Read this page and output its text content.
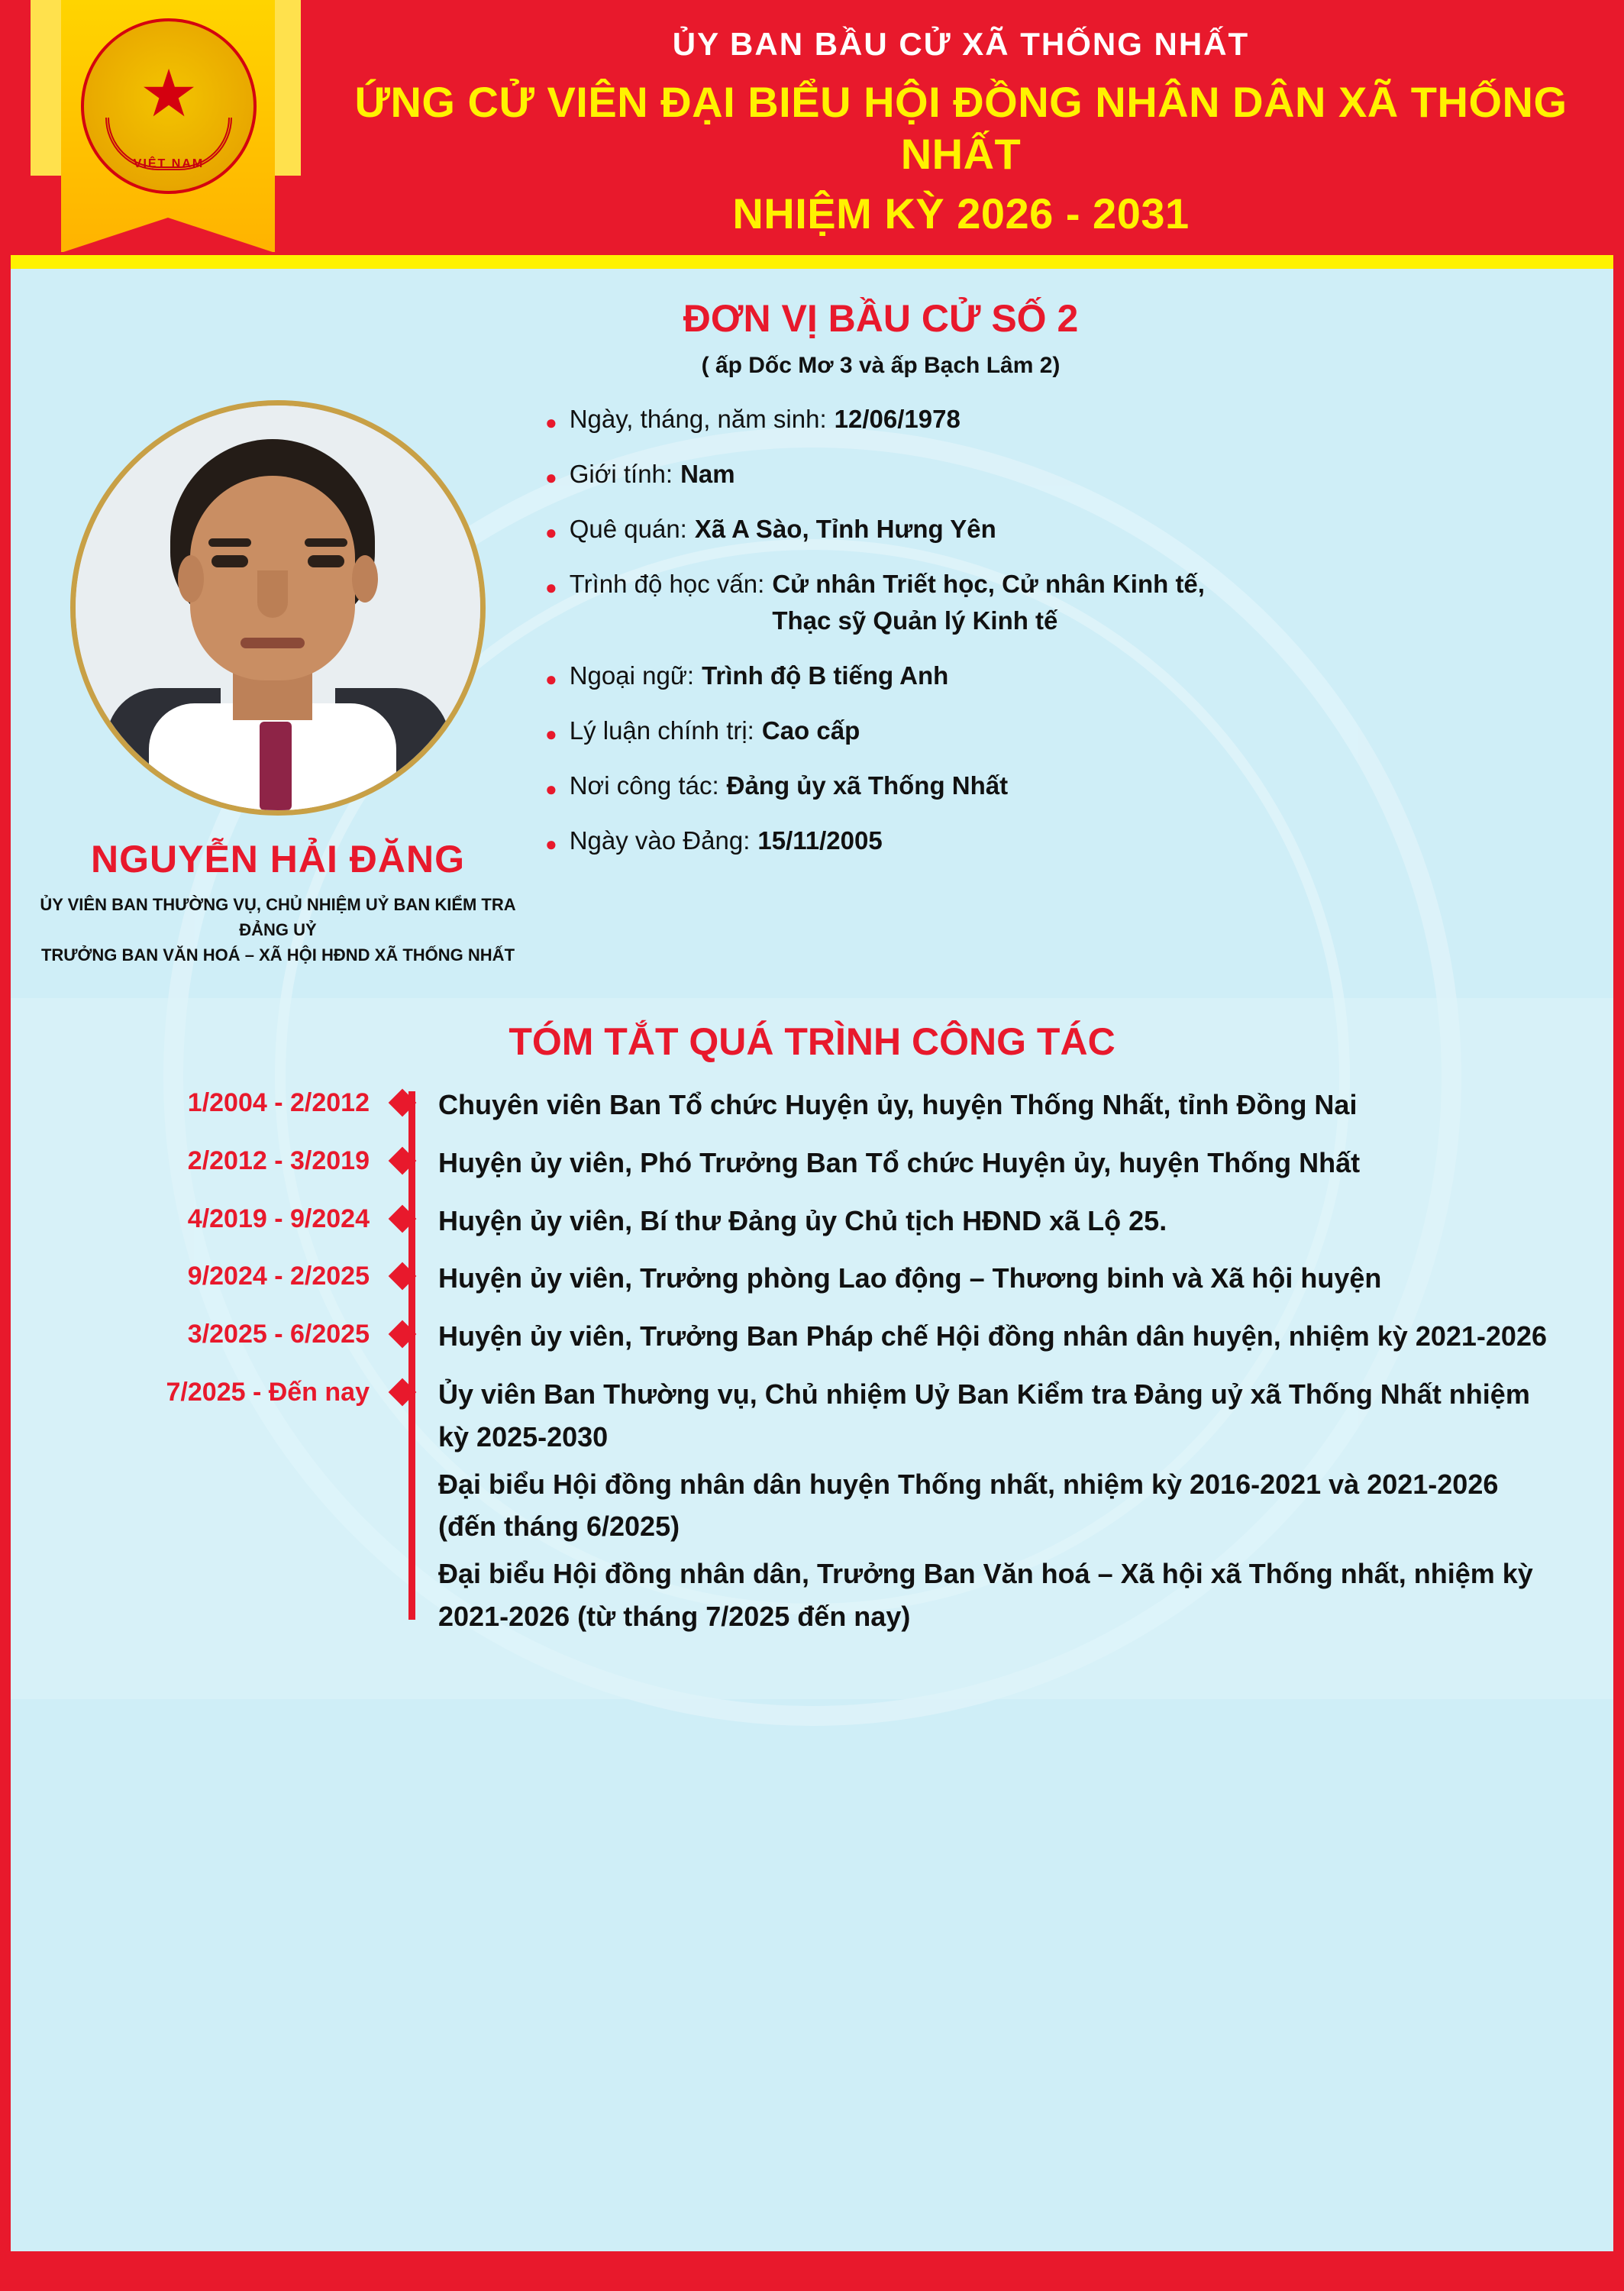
★
VIỆT NAM
ỦY BAN BẦU CỬ XÃ THỐNG NHẤT
ỨNG CỬ VIÊN ĐẠI BIỂU HỘI ĐỒNG NHÂN DÂN XÃ THỐNG NHẤT
NHIỆM KỲ 2026 - 2031
ĐƠN VỊ BẦU CỬ SỐ 2
( ấp Dốc Mơ 3 và ấp Bạch Lâm 2)
NGUYỄN HẢI ĐĂNG
ỦY VIÊN BAN THƯỜNG VỤ, CHỦ NHIỆM UỶ BAN KIỂM TRA ĐẢNG UỶ
TRƯỞNG BAN VĂN HOÁ – XÃ HỘI HĐND XÃ THỐNG NHẤT
● Ngày, tháng, năm sinh: 12/06/1978
● Giới tính: Nam
● Quê quán: Xã A Sào, Tỉnh Hưng Yên
● Trình độ học vấn: Cử nhân Triết học, Cử nhân Kinh tế,
Thạc sỹ Quản lý Kinh tế
● Ngoại ngữ: Trình độ B tiếng Anh
● Lý luận chính trị: Cao cấp
● Nơi công tác: Đảng ủy xã Thống Nhất
● Ngày vào Đảng: 15/11/2005
TÓM TẮT QUÁ TRÌNH CÔNG TÁC
1/2004 - 2/2012	Chuyên viên Ban Tổ chức Huyện ủy, huyện Thống Nhất, tỉnh Đồng Nai

2/2012 - 3/2019	Huyện ủy viên, Phó Trưởng Ban Tổ chức Huyện ủy, huyện Thống Nhất

4/2019 - 9/2024	Huyện ủy viên, Bí thư Đảng ủy Chủ tịch HĐND xã Lộ 25.

9/2024 - 2/2025	Huyện ủy viên, Trưởng phòng Lao động – Thương binh và Xã hội huyện

3/2025 - 6/2025	Huyện ủy viên, Trưởng Ban Pháp chế Hội đồng nhân dân huyện, nhiệm kỳ 2021-2026

7/2025 - Đến nay	Ủy viên Ban Thường vụ, Chủ nhiệm Uỷ Ban Kiểm tra Đảng uỷ xã Thống Nhất nhiệm kỳ 2025-2030

Đại biểu Hội đồng nhân dân huyện Thống nhất, nhiệm kỳ 2016-2021 và 2021-2026 (đến tháng 6/2025)

Đại biểu Hội đồng nhân dân, Trưởng Ban Văn hoá – Xã hội xã Thống nhất, nhiệm kỳ 2021-2026 (từ tháng 7/2025 đến nay)
